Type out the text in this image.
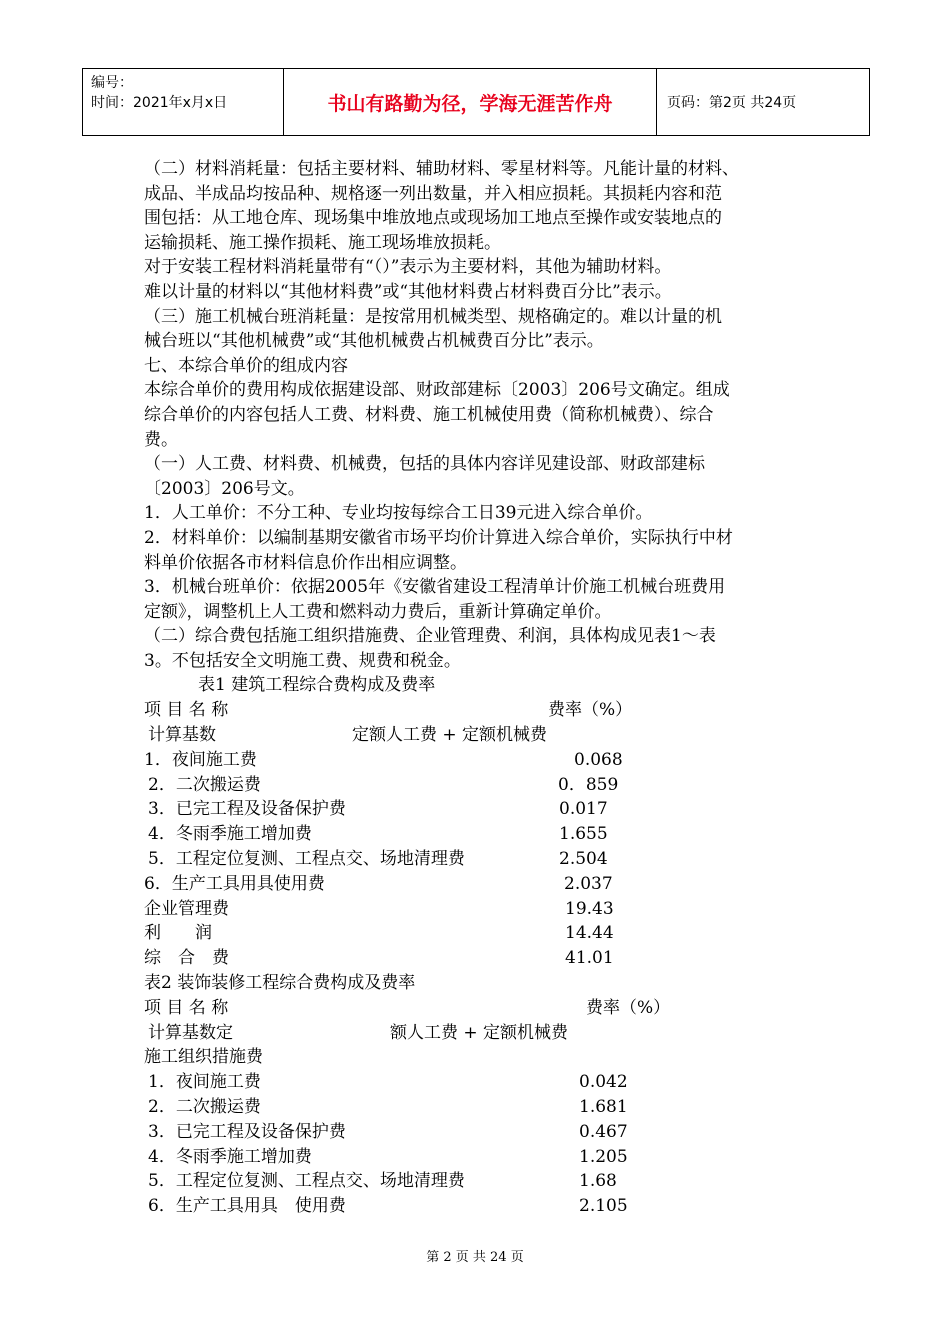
编号：
时间：2021年x月x日	书山有路勤为径，学海无涯苦作舟	页码：第2页 共24页

（二）材料消耗量：包括主要材料、辅助材料、零星材料等。凡能计量的材料、

成品、半成品均按品种、规格逐一列出数量，并入相应损耗。其损耗内容和范

围包括：从工地仓库、现场集中堆放地点或现场加工地点至操作或安装地点的

运输损耗、施工操作损耗、施工现场堆放损耗。

对于安装工程材料消耗量带有“（）”表示为主要材料，其他为辅助材料。

难以计量的材料以“其他材料费”或“其他材料费占材料费百分比”表示。

（三）施工机械台班消耗量：是按常用机械类型、规格确定的。难以计量的机

械台班以“其他机械费”或“其他机械费占机械费百分比”表示。

七、本综合单价的组成内容

本综合单价的费用构成依据建设部、财政部建标〔2003〕206号文确定。组成

综合单价的内容包括人工费、材料费、施工机械使用费（简称机械费）、综合

费。

（一）人工费、材料费、机械费，包括的具体内容详见建设部、财政部建标

〔2003〕206号文。

1．人工单价：不分工种、专业均按每综合工日39元进入综合单价。

2．材料单价：以编制基期安徽省市场平均价计算进入综合单价，实际执行中材

料单价依据各市材料信息价作出相应调整。

3．机械台班单价：依据2005年《安徽省建设工程清单计价施工机械台班费用

定额》，调整机上人工费和燃料动力费后，重新计算确定单价。

（二）综合费包括施工组织措施费、企业管理费、利润，具体构成见表1～表

3。不包括安全文明施工费、规费和税金。

表1 建筑工程综合费构成及费率
项 目 名 称	费率（%）
计算基数	定额人工费 + 定额机械费
1．夜间施工费	0.068
2．二次搬运费	0．859
3．已完工程及设备保护费	0.017
4．冬雨季施工增加费	1.655
5．工程定位复测、工程点交、场地清理费	2.504
6．生产工具用具使用费	2.037
企业管理费	19.43
利　　润	14.44
综　合　费	41.01
表2 装饰装修工程综合费构成及费率
项 目 名 称	费率（%）
计算基数定	额人工费 + 定额机械费
施工组织措施费
1．夜间施工费	0.042
2．二次搬运费	1.681
3．已完工程及设备保护费	0.467
4．冬雨季施工增加费	1.205
5．工程定位复测、工程点交、场地清理费	1.68
6．生产工具用具　使用费	2.105
第 2 页 共 24 页
